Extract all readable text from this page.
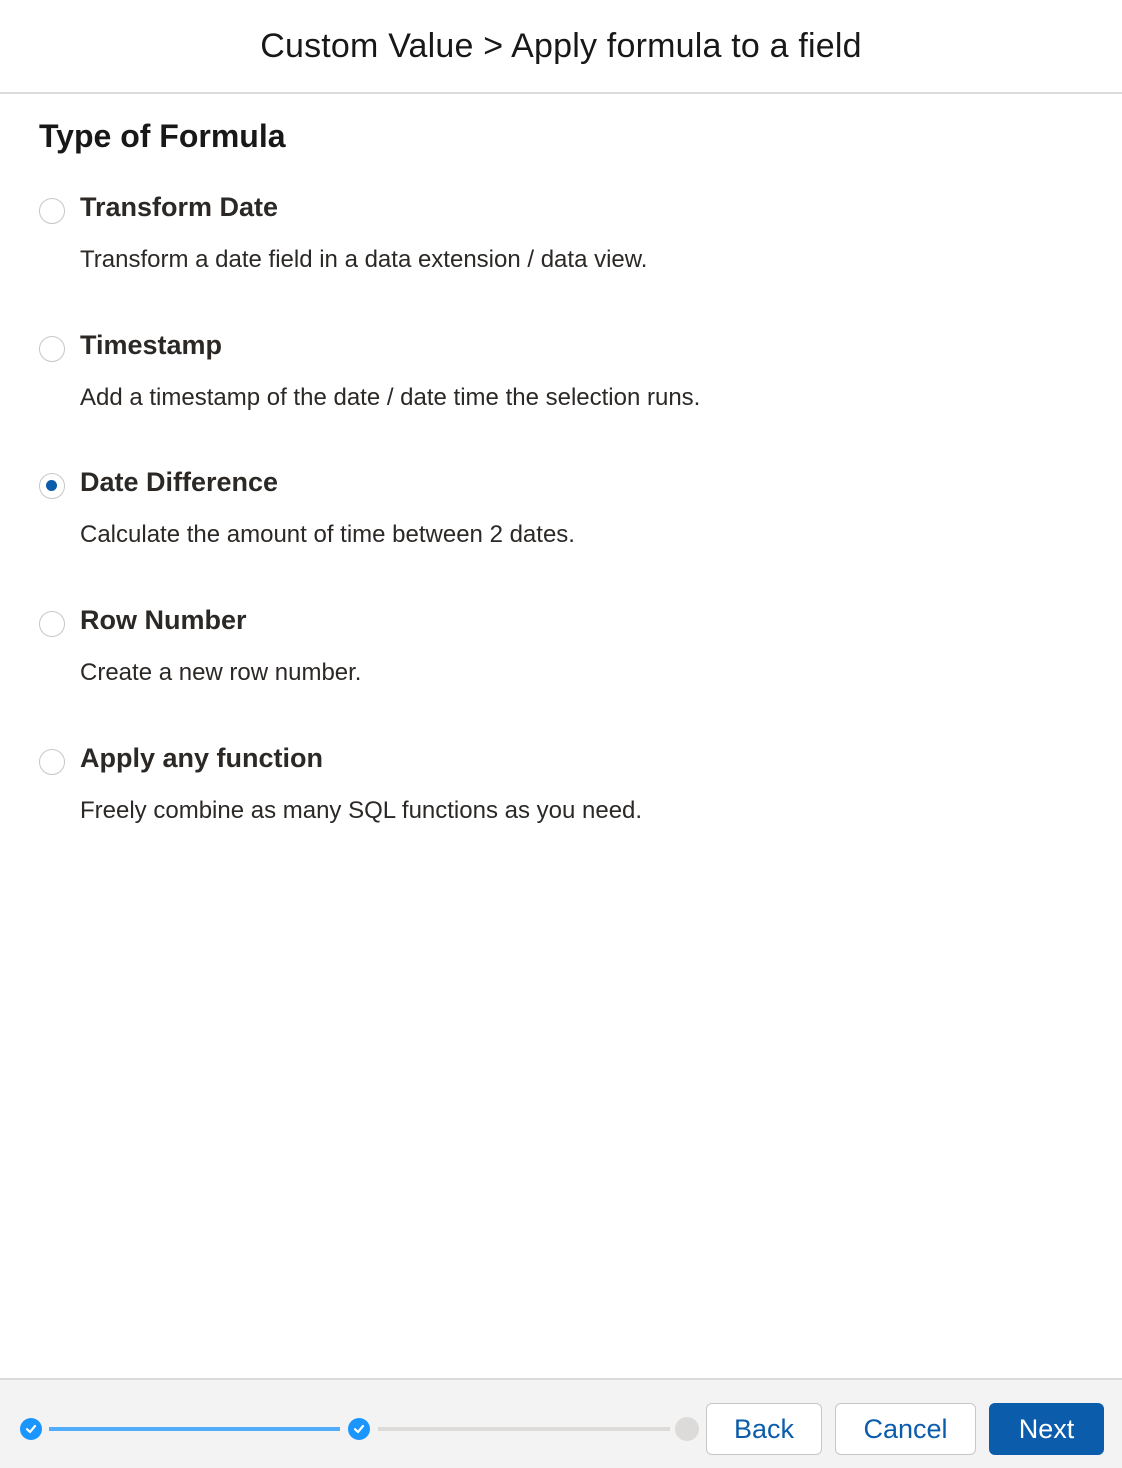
Custom Value > Apply formula to a field
Type of Formula
Transform Date
Transform a date field in a data extension / data view.
Timestamp
Add a timestamp of the date / date time the selection runs.
Date Difference
Calculate the amount of time between 2 dates.
Row Number
Create a new row number.
Apply any function
Freely combine as many SQL functions as you need.
Back	Cancel	Next
